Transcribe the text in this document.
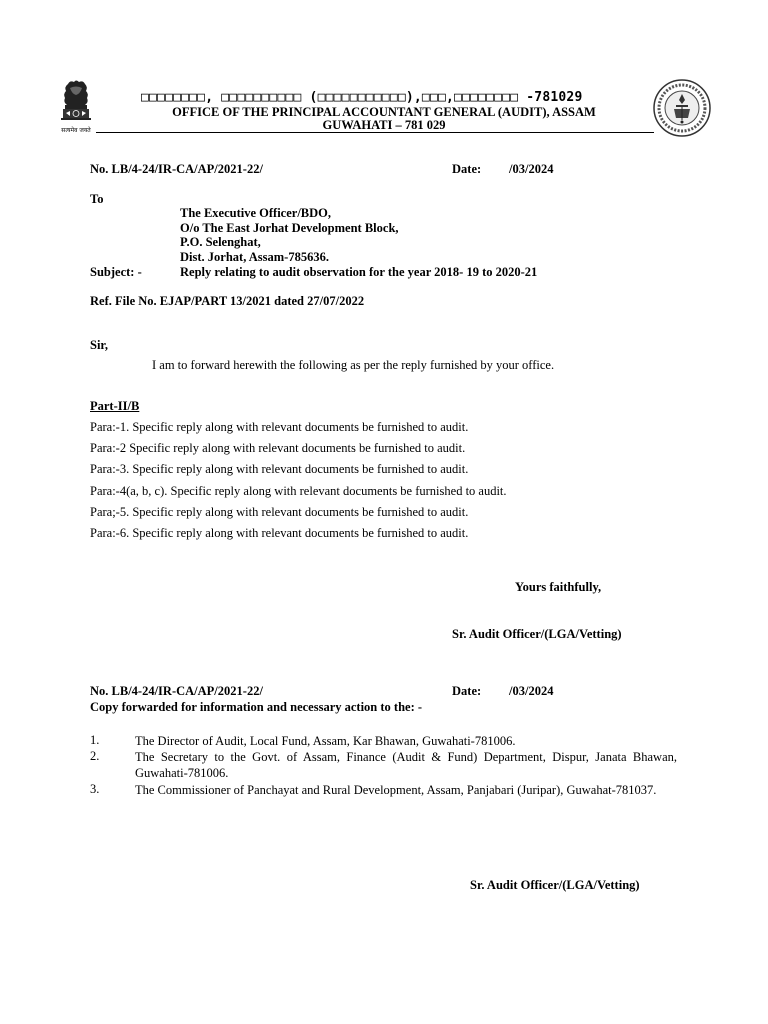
सत्यमेव जयते
□□□□□□□□, □□□□□□□□□□ (□□□□□□□□□□□),□□□,□□□□□□□□ -781029
OFFICE OF THE PRINCIPAL ACCOUNTANT GENERAL (AUDIT), ASSAM
GUWAHATI – 781 029
No. LB/4-24/IR-CA/AP/2021-22/	Date: /03/2024
To
The Executive Officer/BDO,
O/o The East Jorhat Development Block,
P.O. Selenghat,
Dist. Jorhat, Assam-785636.
Subject: -	Reply relating to audit observation for the year 2018- 19 to 2020-21
Ref. File No. EJAP/PART 13/2021 dated 27/07/2022
Sir,
I am to forward herewith the following as per the reply furnished by your office.
Part-II/B
Para:-1. Specific reply along with relevant documents be furnished to audit.
Para:-2 Specific reply along with relevant documents be furnished to audit.
Para:-3. Specific reply along with relevant documents be furnished to audit.
Para:-4(a, b, c). Specific reply along with relevant documents be furnished to audit.
Para;-5. Specific reply along with relevant documents be furnished to audit.
Para:-6. Specific reply along with relevant documents be furnished to audit.
Yours faithfully,
Sr. Audit Officer/(LGA/Vetting)
No. LB/4-24/IR-CA/AP/2021-22/	Date: /03/2024
Copy forwarded for information and necessary action to the: -
1.	The Director of Audit, Local Fund, Assam, Kar Bhawan, Guwahati-781006.
2.	The Secretary to the Govt. of Assam, Finance (Audit & Fund) Department, Dispur, Janata Bhawan, Guwahati-781006.
3.	The Commissioner of Panchayat and Rural Development, Assam, Panjabari (Juripar), Guwahat-781037.
Sr. Audit Officer/(LGA/Vetting)
